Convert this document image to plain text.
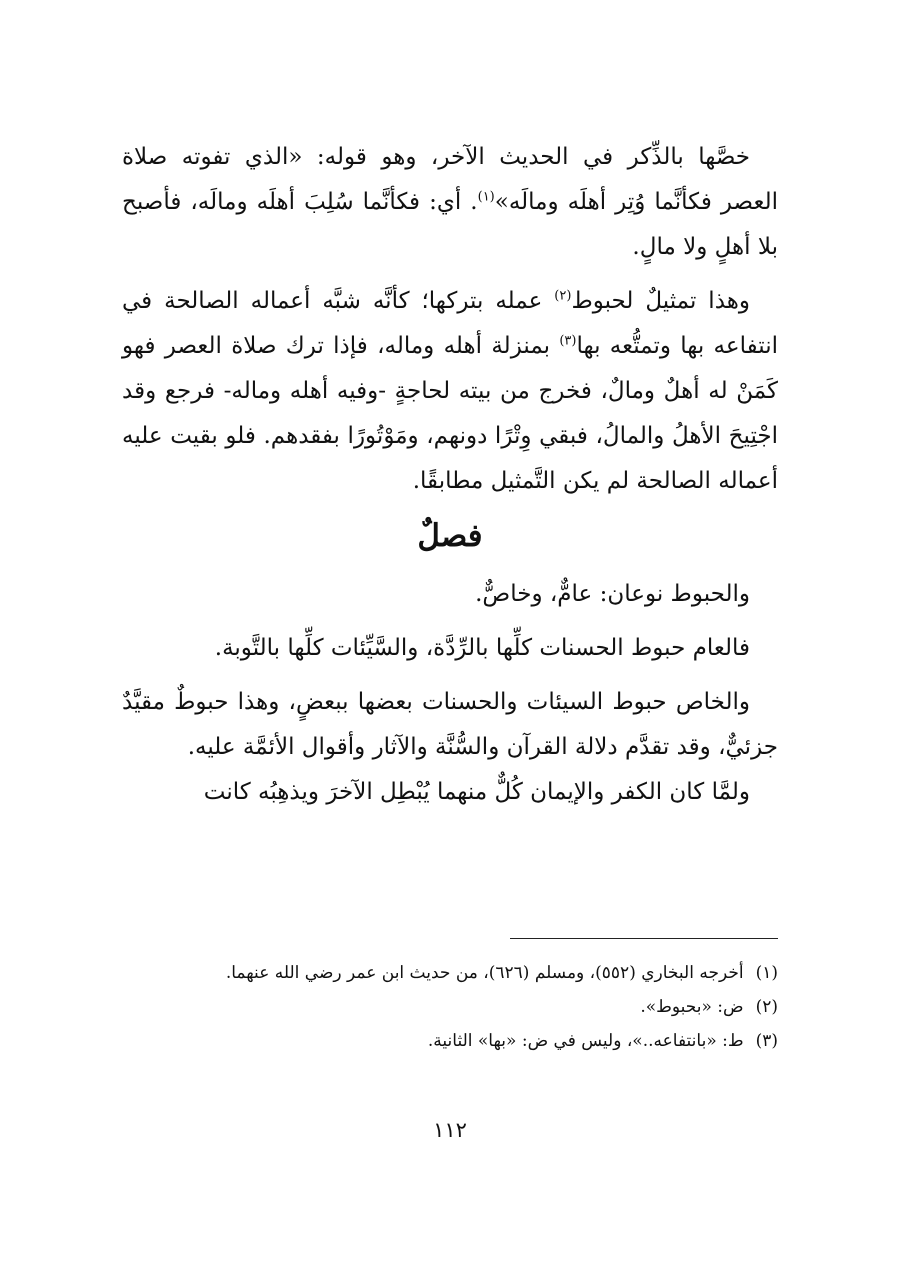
خصَّها بالذِّكر في الحديث الآخر، وهو قوله: «الذي تفوته صلاة العصر فكأنَّما وُتِر أهلَه ومالَه»$^{(١)}$. أي: فكأنَّما سُلِبَ أهلَه ومالَه، فأصبح بلا أهلٍ ولا مالٍ.

وهذا تمثيلٌ لحبوط$^{(٢)}$ عمله بتركها؛ كأنَّه شبَّه أعماله الصالحة في انتفاعه بها وتمتُّعه بها$^{(٣)}$ بمنزلة أهله وماله، فإذا ترك صلاة العصر فهو كَمَنْ له أهلٌ ومالٌ، فخرج من بيته لحاجةٍ -وفيه أهله وماله- فرجع وقد اجْتِيحَ الأهلُ والمالُ، فبقي وِتْرًا دونهم، ومَوْتُورًا بفقدهم. فلو بقيت عليه أعماله الصالحة لم يكن التَّمثيل مطابقًا.

فصلٌ

والحبوط نوعان: عامٌّ، وخاصٌّ.

فالعام حبوط الحسنات كلِّها بالرِّدَّة، والسَّيِّئات كلِّها بالتَّوبة.

والخاص حبوط السيئات والحسنات بعضها ببعضٍ، وهذا حبوطٌ مقيَّدٌ جزئيٌّ، وقد تقدَّم دلالة القرآن والسُّنَّة والآثار وأقوال الأئمَّة عليه.

ولمَّا كان الكفر والإيمان كُلٌّ منهما يُبْطِل الآخرَ ويذهِبُه كانت

(١)أخرجه البخاري (٥٥٢)، ومسلم (٦٢٦)، من حديث ابن عمر رضي الله عنهما.

(٢)ض: «بحبوط».

(٣)ط: «بانتفاعه..»، وليس في ض: «بها» الثانية.

١١٢
